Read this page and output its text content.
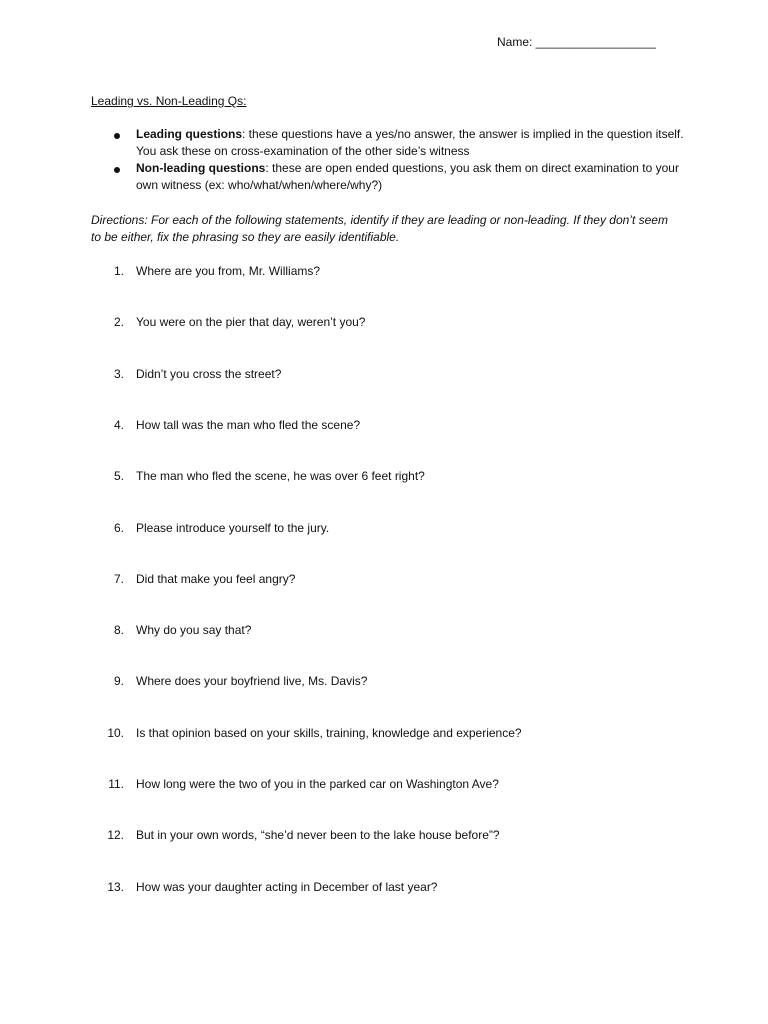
Name: __________________
Leading vs. Non-Leading Qs:
Leading questions: these questions have a yes/no answer, the answer is implied in the question itself. You ask these on cross-examination of the other side’s witness
Non-leading questions: these are open ended questions, you ask them on direct examination to your own witness (ex: who/what/when/where/why?)
Directions: For each of the following statements, identify if they are leading or non-leading. If they don’t seem to be either, fix the phrasing so they are easily identifiable.
1. Where are you from, Mr. Williams?
2. You were on the pier that day, weren’t you?
3. Didn’t you cross the street?
4. How tall was the man who fled the scene?
5. The man who fled the scene, he was over 6 feet right?
6. Please introduce yourself to the jury.
7. Did that make you feel angry?
8. Why do you say that?
9. Where does your boyfriend live, Ms. Davis?
10. Is that opinion based on your skills, training, knowledge and experience?
11. How long were the two of you in the parked car on Washington Ave?
12. But in your own words, “she’d never been to the lake house before”?
13. How was your daughter acting in December of last year?
